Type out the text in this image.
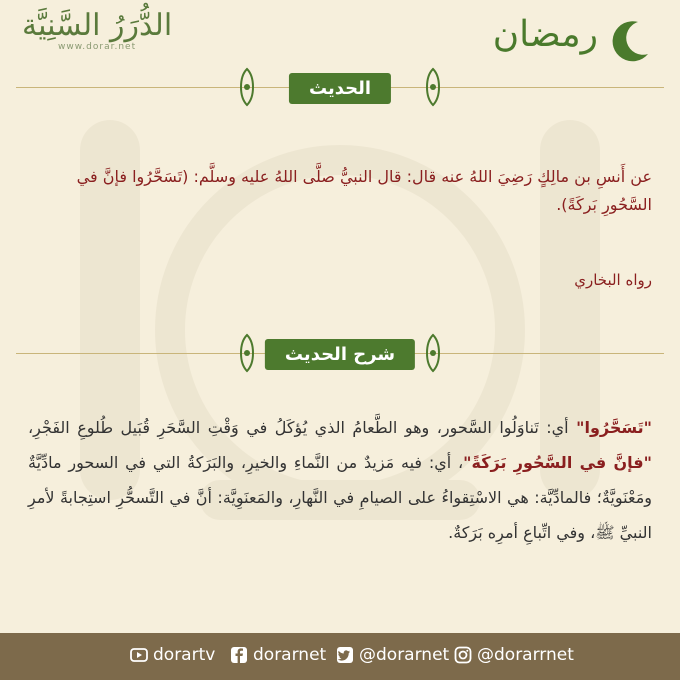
الدُّرَرُ السَّنِيَّة
www.dorar.net	رمضان
الحديث
عن أَنسِ بن مالِكٍ رَضِيَ اللهُ عنه قال: قال النبيُّ صلَّى اللهُ عليه وسلَّم: (تَسَحَّرُوا فإنَّ في السَّحُورِ بَركَةً).
رواه البخاري
شرح الحديث
"تَسَحَّرُوا" أي: تَناوَلُوا السَّحور، وهو الطَّعامُ الذي يُؤكَلُ في وَقْتِ السَّحَرِ قُبَيل طُلوعِ الفَجْرِ، "فإنَّ في السَّحُورِ بَرَكَةً"، أي: فيه مَزيدٌ من النَّماءِ والخيرِ، والبَرَكةُ التي في السحور مادِّيَّةٌ ومَعْنَويَّةٌ؛ فالمادِّيَّة: هي الاسْتِقواءُ على الصيامِ في النَّهارِ، والمَعنَوِيَّة: أنَّ في التَّسحُّرِ استِجابةً لأمرِ النبيِّ ﷺ، وفي اتِّباعِ أمرِه بَرَكةٌ.
dorartv dorarnet @dorarnet @dorarrnet
